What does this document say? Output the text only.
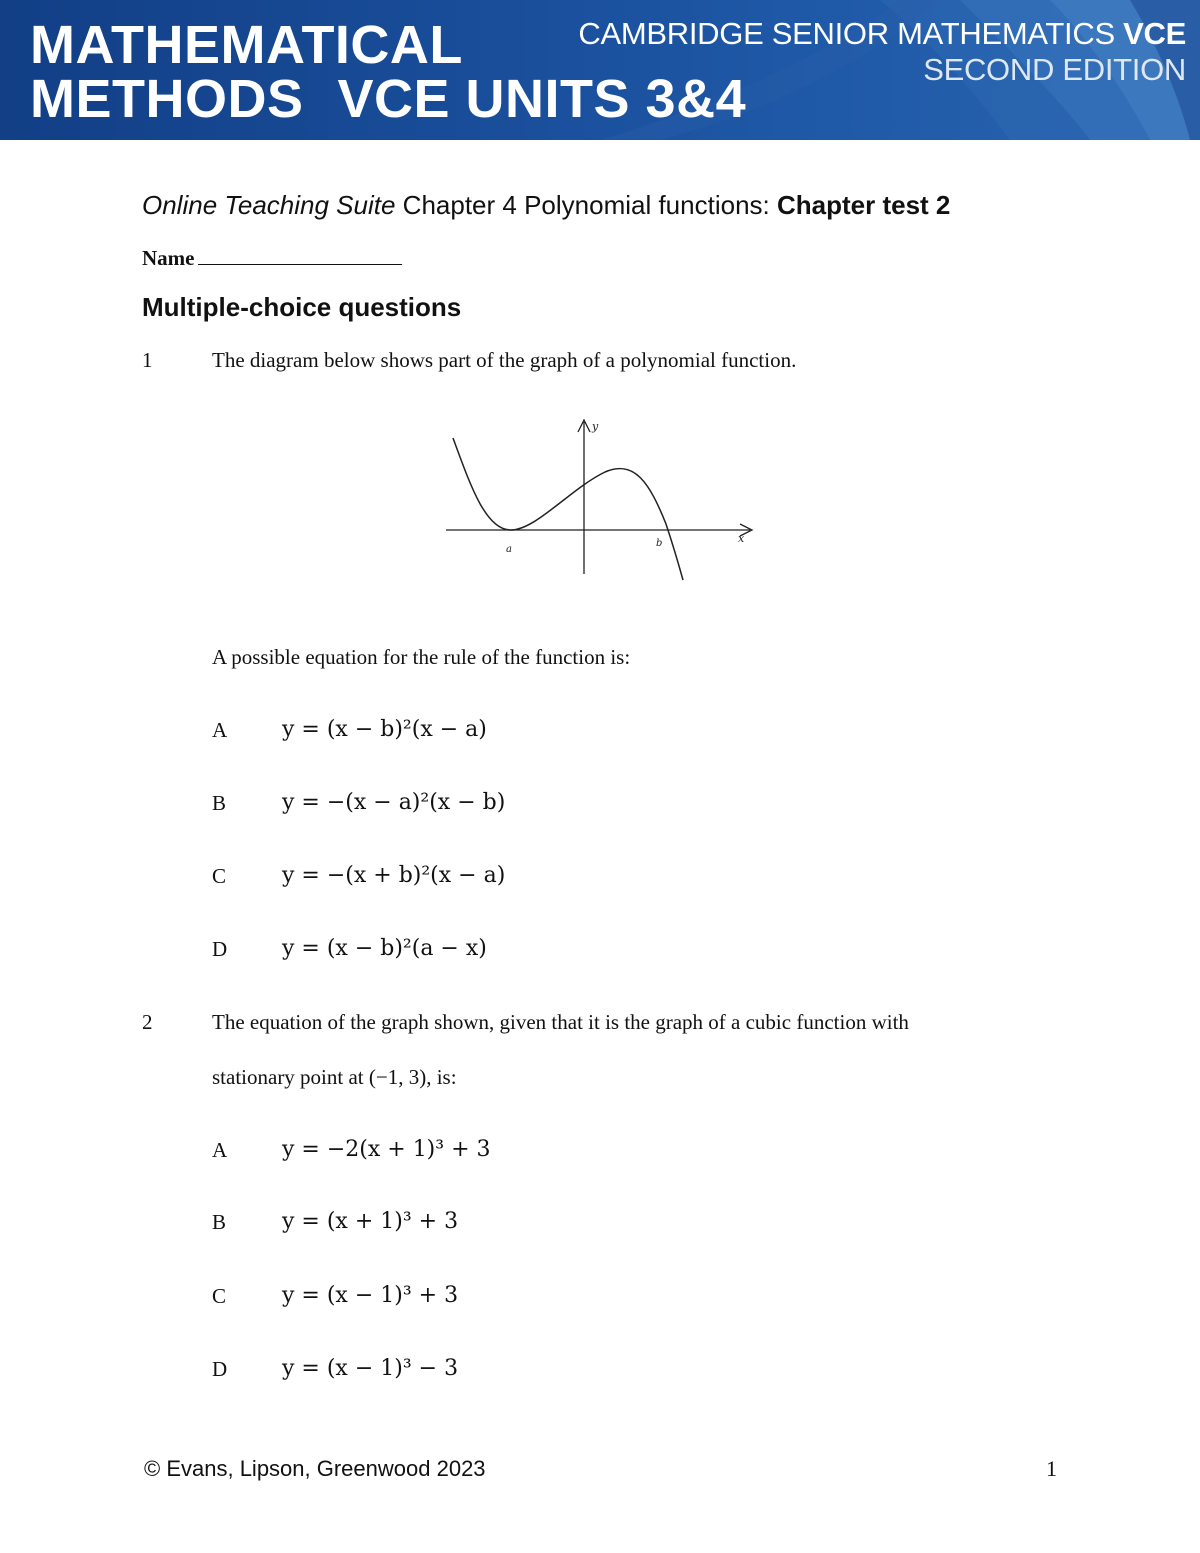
MATHEMATICAL
METHODS VCE UNITS 3&4
CAMBRIDGE SENIOR MATHEMATICS VCE
SECOND EDITION
Online Teaching Suite Chapter 4 Polynomial functions: Chapter test 2
Name
Multiple-choice questions
1	The diagram below shows part of the graph of a polynomial function.
y
x
a
b
A possible equation for the rule of the function is:
A y = (x − b)²(x − a)
B	y = −(x − a)²(x − b)
C	y = −(x + b)²(x − a)
D y = (x − b)²(a − x)
2	The equation of the graph shown, given that it is the graph of a cubic function with
stationary point at (−1, 3), is:
A y = −2(x + 1)³ + 3
B	y = (x + 1)³ + 3
C	y = (x − 1)³ + 3
D y = (x − 1)³ − 3
© Evans, Lipson, Greenwood 2023	1
